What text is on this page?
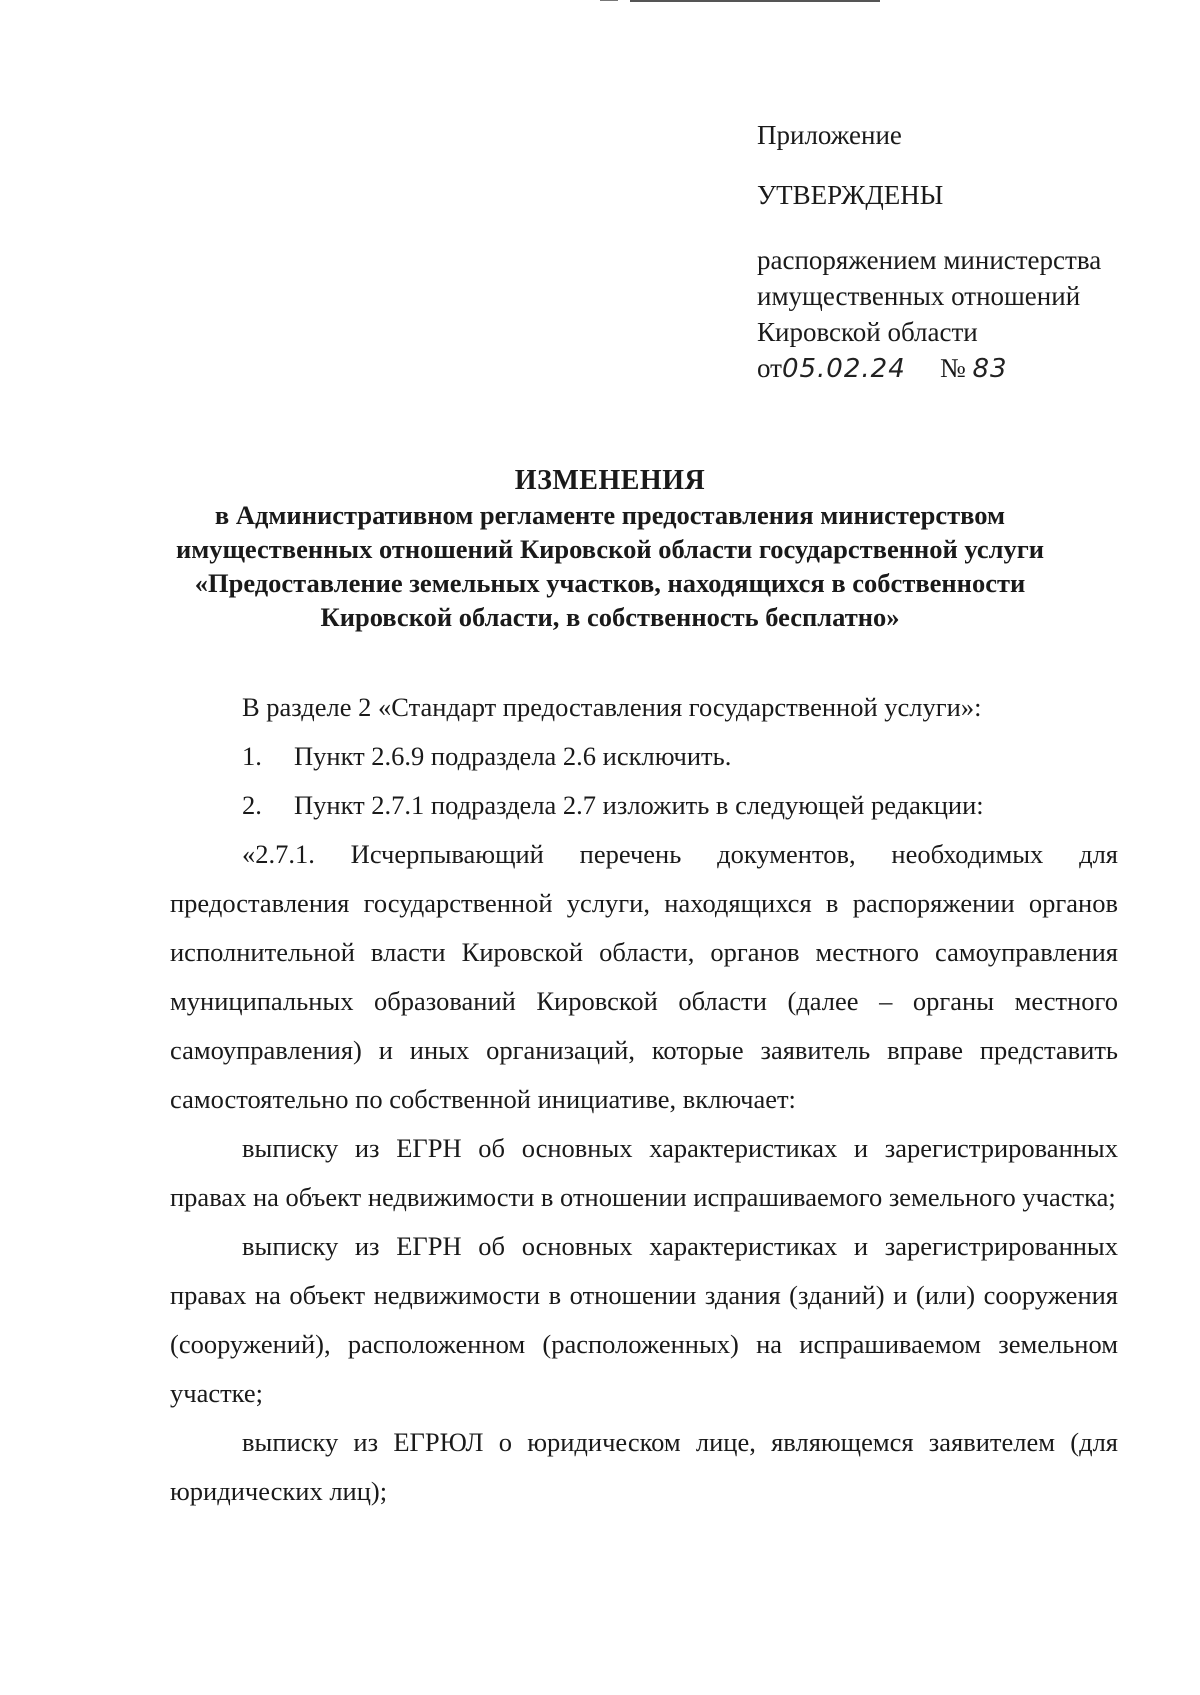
Приложение
УТВЕРЖДЕНЫ
распоряжением министерства
имущественных отношений
Кировской области
от05.02.24 № 83
ИЗМЕНЕНИЯ
в Административном регламенте предоставления министерством
имущественных отношений Кировской области государственной услуги
«Предоставление земельных участков, находящихся в собственности
Кировской области, в собственность бесплатно»

В разделе 2 «Стандарт предоставления государственной услуги»:

1. Пункт 2.6.9 подраздела 2.6 исключить.

2. Пункт 2.7.1 подраздела 2.7 изложить в следующей редакции:

«2.7.1. Исчерпывающий перечень документов, необходимых для предоставления государственной услуги, находящихся в распоряжении органов исполнительной власти Кировской области, органов местного самоуправления муниципальных образований Кировской области (далее – органы местного самоуправления) и иных организаций, которые заявитель вправе представить самостоятельно по собственной инициативе, включает:

выписку из ЕГРН об основных характеристиках и зарегистрированных правах на объект недвижимости в отношении испрашиваемого земельного участка;

выписку из ЕГРН об основных характеристиках и зарегистрированных правах на объект недвижимости в отношении здания (зданий) и (или) сооружения (сооружений), расположенном (расположенных) на испрашиваемом земельном участке;

выписку из ЕГРЮЛ о юридическом лице, являющемся заявителем (для юридических лиц);
